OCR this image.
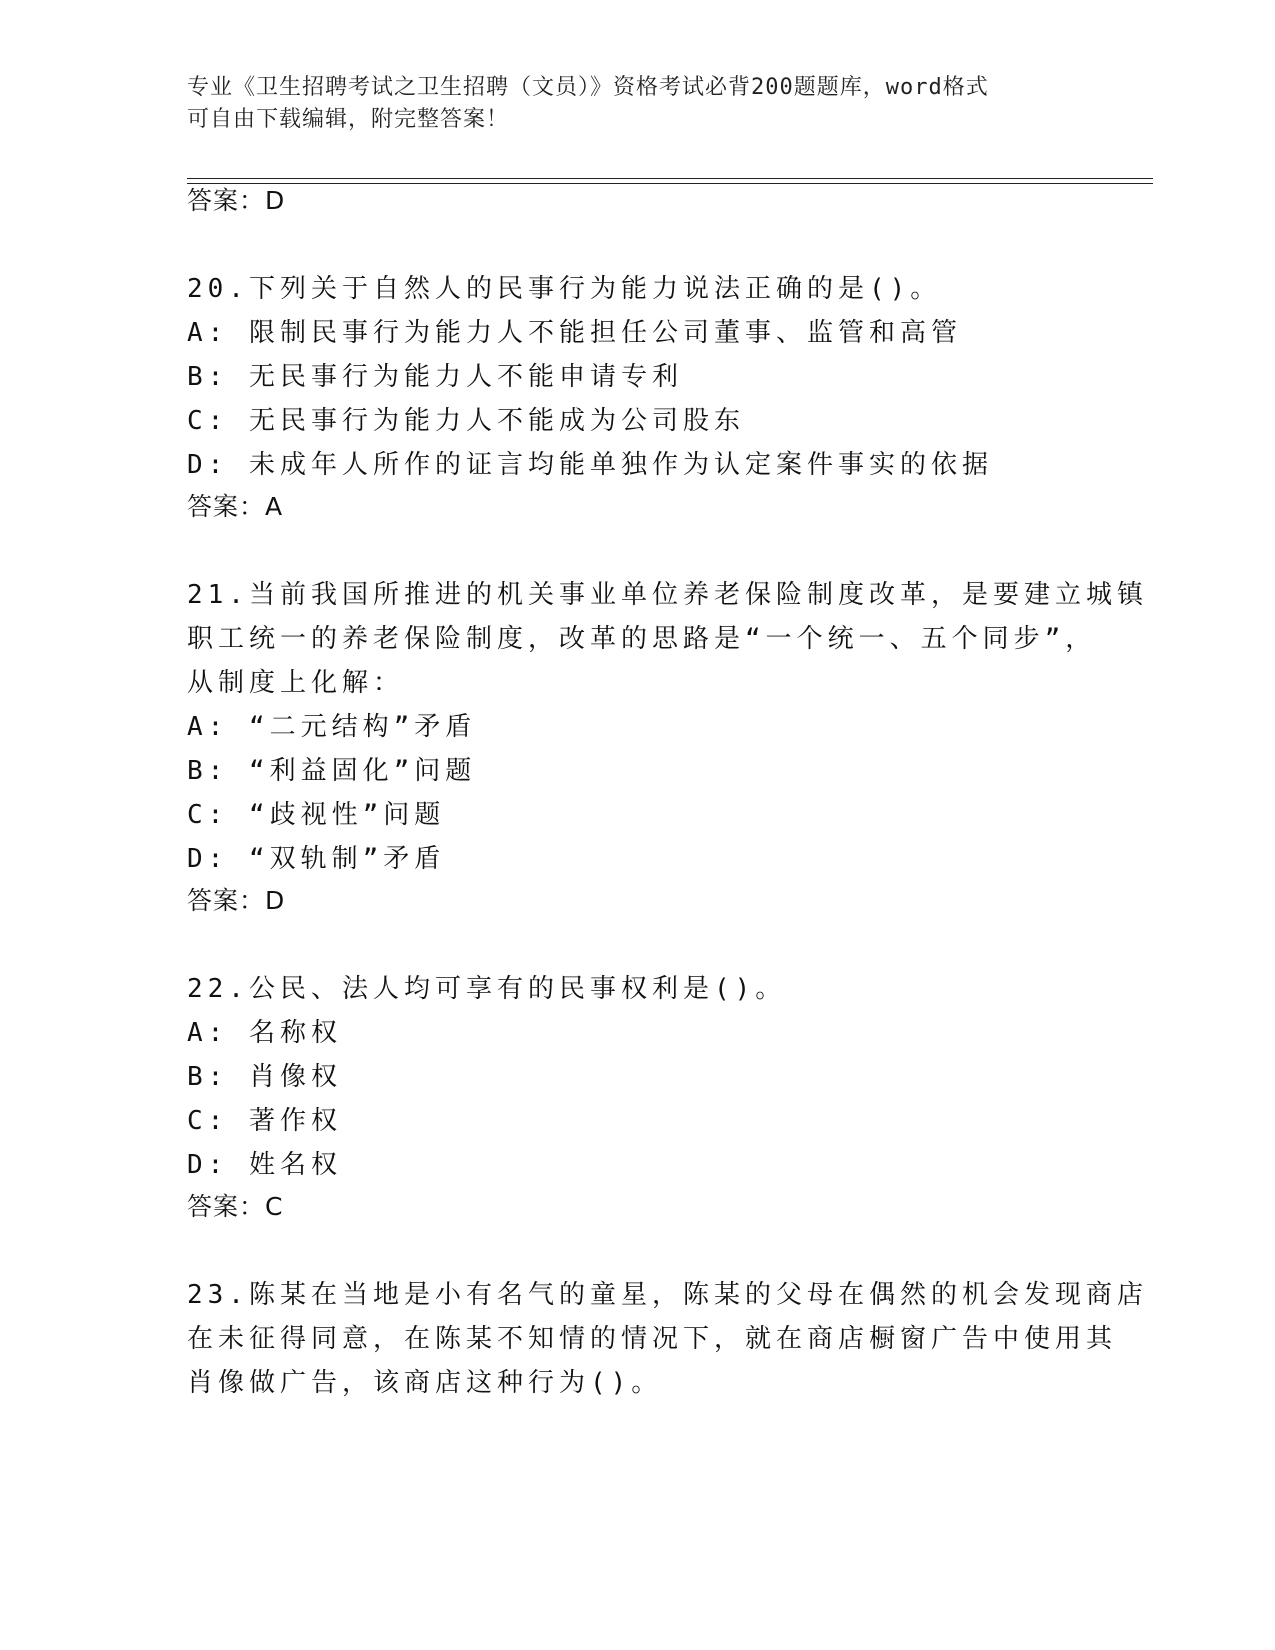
专业《卫生招聘考试之卫生招聘（文员）》资格考试必背200题题库，word格式
可自由下载编辑，附完整答案！
答案：D
20.下列关于自然人的民事行为能力说法正确的是()。
A: 限制民事行为能力人不能担任公司董事、监管和高管
B: 无民事行为能力人不能申请专利
C: 无民事行为能力人不能成为公司股东
D: 未成年人所作的证言均能单独作为认定案件事实的依据
答案：A
21.当前我国所推进的机关事业单位养老保险制度改革，是要建立城镇
职工统一的养老保险制度，改革的思路是“一个统一、五个同步”，
从制度上化解：
A: “二元结构”矛盾
B: “利益固化”问题
C: “歧视性”问题
D: “双轨制”矛盾
答案：D
22.公民、法人均可享有的民事权利是()。
A: 名称权
B: 肖像权
C: 著作权
D: 姓名权
答案：C
23.陈某在当地是小有名气的童星，陈某的父母在偶然的机会发现商店
在未征得同意，在陈某不知情的情况下，就在商店橱窗广告中使用其
肖像做广告，该商店这种行为()。
